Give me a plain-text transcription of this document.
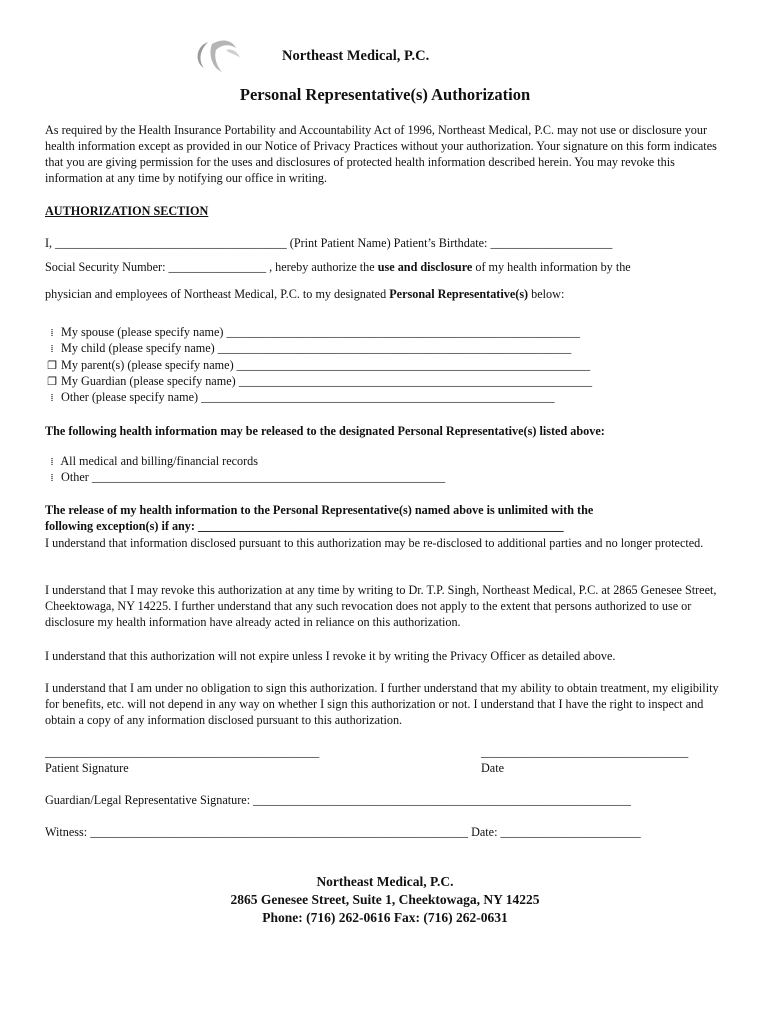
Northeast Medical, P.C.
Personal Representative(s) Authorization
As required by the Health Insurance Portability and Accountability Act of 1996, Northeast Medical, P.C. may not use or disclosure your health information except as provided in our Notice of Privacy Practices without your authorization. Your signature on this form indicates that you are giving permission for the uses and disclosures of protected health information described herein. You may revoke this information at any time by notifying our office in writing.
AUTHORIZATION SECTION
I, ______________________________________ (Print Patient Name) Patient’s Birthdate: ____________________
Social Security Number: ________________ , hereby authorize the use and disclosure of my health information by the
physician and employees of Northeast Medical, P.C. to my designated Personal Representative(s) below:
⁞ My spouse (please specify name) __________________________________________________________
⁞ My child (please specify name) __________________________________________________________
❐ My parent(s) (please specify name) __________________________________________________________
❐ My Guardian (please specify name) __________________________________________________________
⁞ Other (please specify name) __________________________________________________________
The following health information may be released to the designated Personal Representative(s) listed above:
⁞ All medical and billing/financial records
⁞ Other __________________________________________________________
The release of my health information to the Personal Representative(s) named above is unlimited with the
following exception(s) if any: ____________________________________________________________
I understand that information disclosed pursuant to this authorization may be re-disclosed to additional parties and no longer protected.
I understand that I may revoke this authorization at any time by writing to Dr. T.P. Singh, Northeast Medical, P.C. at 2865 Genesee Street, Cheektowaga, NY 14225. I further understand that any such revocation does not apply to the extent that persons authorized to use or disclosure my health information have already acted in reliance on this authorization.
I understand that this authorization will not expire unless I revoke it by writing the Privacy Officer as detailed above.
I understand that I am under no obligation to sign this authorization. I further understand that my ability to obtain treatment, my eligibility for benefits, etc. will not depend in any way on whether I sign this authorization or not. I understand that I have the right to inspect and obtain a copy of any information disclosed pursuant to this authorization.
_____________________________________________
Patient Signature
__________________________________
Date
Guardian/Legal Representative Signature: ______________________________________________________________
Witness: ______________________________________________________________ Date: _______________________
Northeast Medical, P.C.
2865 Genesee Street, Suite 1, Cheektowaga, NY 14225
Phone: (716) 262-0616 Fax: (716) 262-0631
